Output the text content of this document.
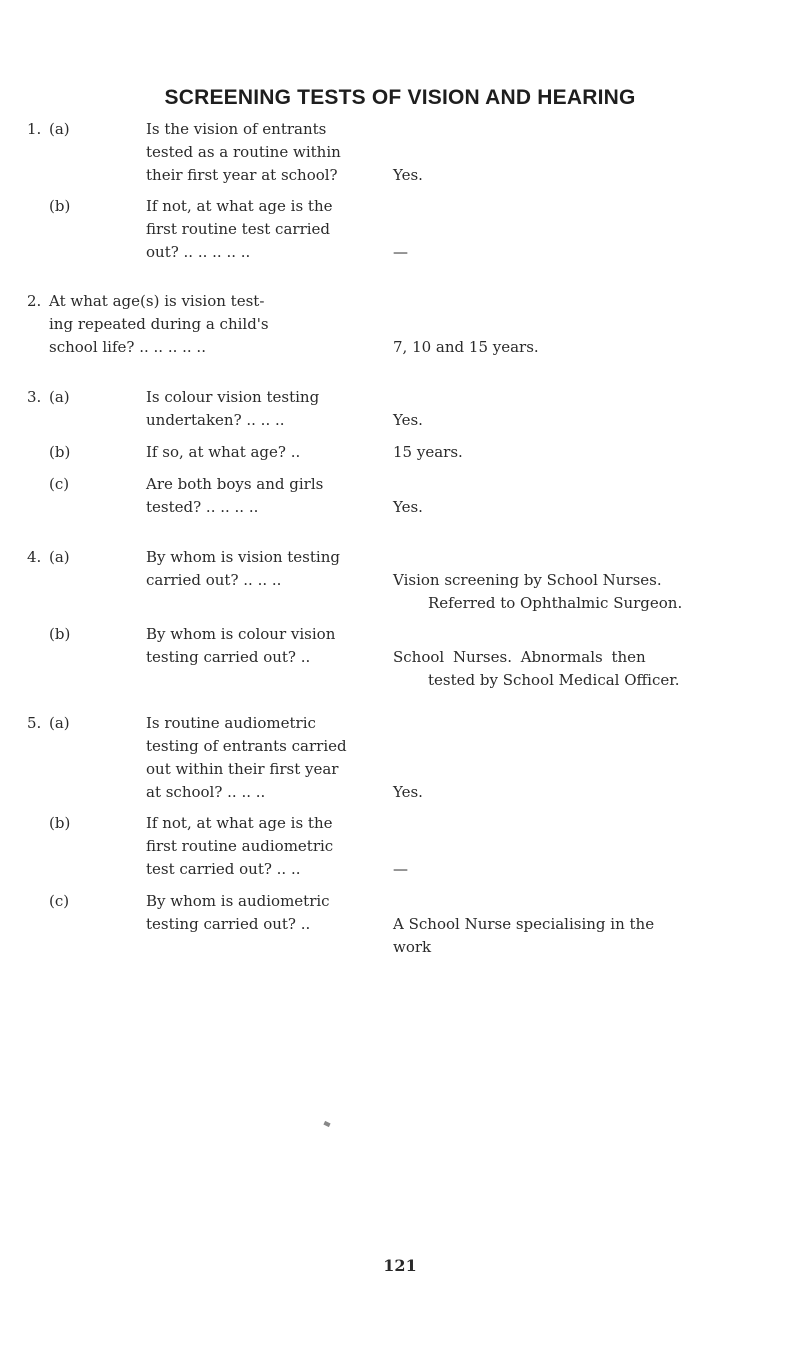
SCREENING TESTS OF VISION AND HEARING
1. (a)	Is the vision of entrants
tested as a routine within
their first year at school?	Yes.
(b)	If not, at what age is the
first routine test carried
out? .. .. .. .. ..	—
2. At what age(s) is vision test-
ing repeated during a child's
school life? .. .. .. .. ..	7, 10 and 15 years.
3. (a)	Is colour vision testing
undertaken? .. .. ..	Yes.
(b)	If so, at what age? ..	15 years.
(c)	Are both boys and girls
tested? .. .. .. ..	Yes.
4. (a)	By whom is vision testing
carried out? .. .. ..	Vision screening by School Nurses.
Referred to Ophthalmic Surgeon.
(b)	By whom is colour vision
testing carried out? ..	School Nurses. Abnormals then
tested by School Medical Officer.
5. (a)	Is routine audiometric
testing of entrants carried
out within their first year
at school? .. .. ..	Yes.
(b)	If not, at what age is the
first routine audiometric
test carried out? .. ..	—
(c)	By whom is audiometric
testing carried out? ..	A School Nurse specialising in the
work
121
